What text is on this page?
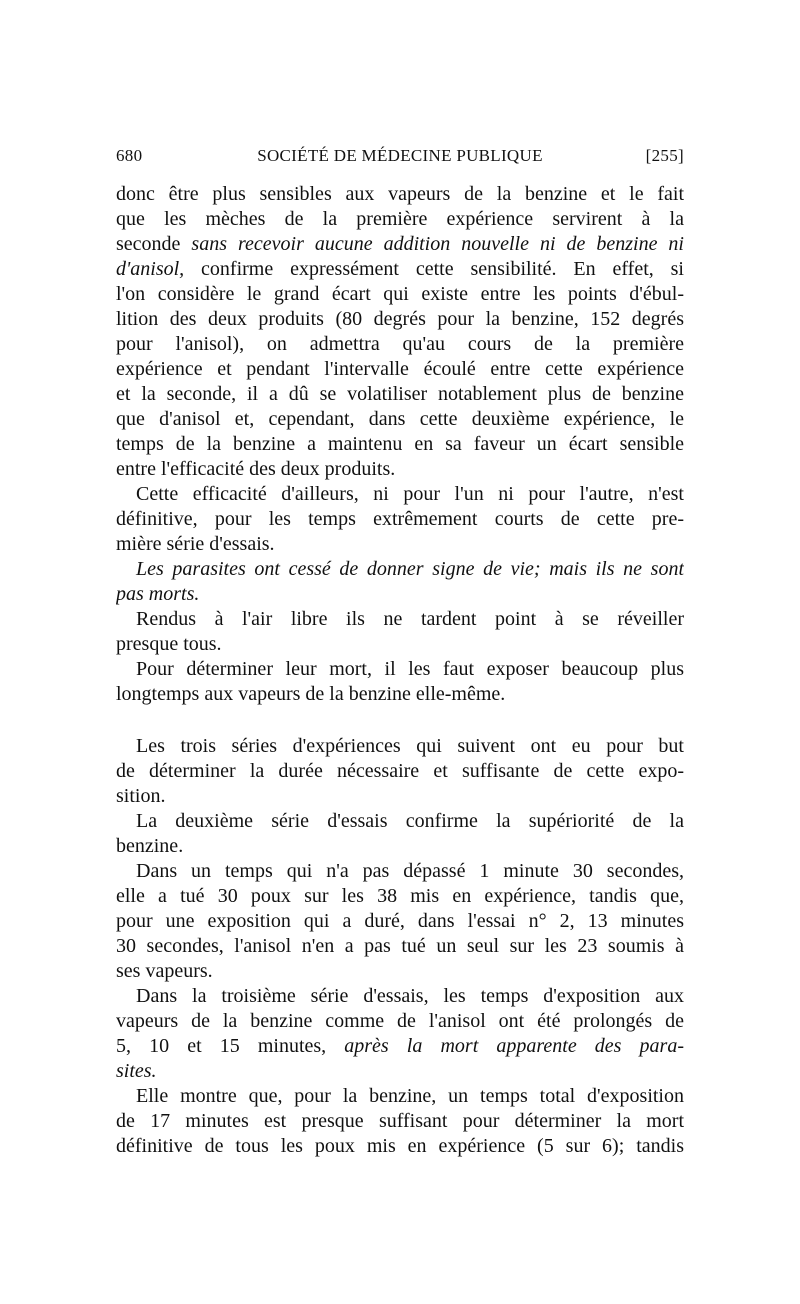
680	SOCIÉTÉ DE MÉDECINE PUBLIQUE	[255]
donc être plus sensibles aux vapeurs de la benzine et le fait
que les mèches de la première expérience servirent à la
seconde sans recevoir aucune addition nouvelle ni de benzine ni
d'anisol, confirme expressément cette sensibilité. En effet, si
l'on considère le grand écart qui existe entre les points d'ébul-
lition des deux produits (80 degrés pour la benzine, 152 degrés
pour l'anisol), on admettra qu'au cours de la première
expérience et pendant l'intervalle écoulé entre cette expérience
et la seconde, il a dû se volatiliser notablement plus de benzine
que d'anisol et, cependant, dans cette deuxième expérience, le
temps de la benzine a maintenu en sa faveur un écart sensible
entre l'efficacité des deux produits.
Cette efficacité d'ailleurs, ni pour l'un ni pour l'autre, n'est
définitive, pour les temps extrêmement courts de cette pre-
mière série d'essais.
Les parasites ont cessé de donner signe de vie; mais ils ne sont
pas morts.
Rendus à l'air libre ils ne tardent point à se réveiller
presque tous.
Pour déterminer leur mort, il les faut exposer beaucoup plus
longtemps aux vapeurs de la benzine elle-même.
Les trois séries d'expériences qui suivent ont eu pour but
de déterminer la durée nécessaire et suffisante de cette expo-
sition.
La deuxième série d'essais confirme la supériorité de la
benzine.
Dans un temps qui n'a pas dépassé 1 minute 30 secondes,
elle a tué 30 poux sur les 38 mis en expérience, tandis que,
pour une exposition qui a duré, dans l'essai n° 2, 13 minutes
30 secondes, l'anisol n'en a pas tué un seul sur les 23 soumis à
ses vapeurs.
Dans la troisième série d'essais, les temps d'exposition aux
vapeurs de la benzine comme de l'anisol ont été prolongés de
5, 10 et 15 minutes, après la mort apparente des para-
sites.
Elle montre que, pour la benzine, un temps total d'exposition
de 17 minutes est presque suffisant pour déterminer la mort
définitive de tous les poux mis en expérience (5 sur 6); tandis
